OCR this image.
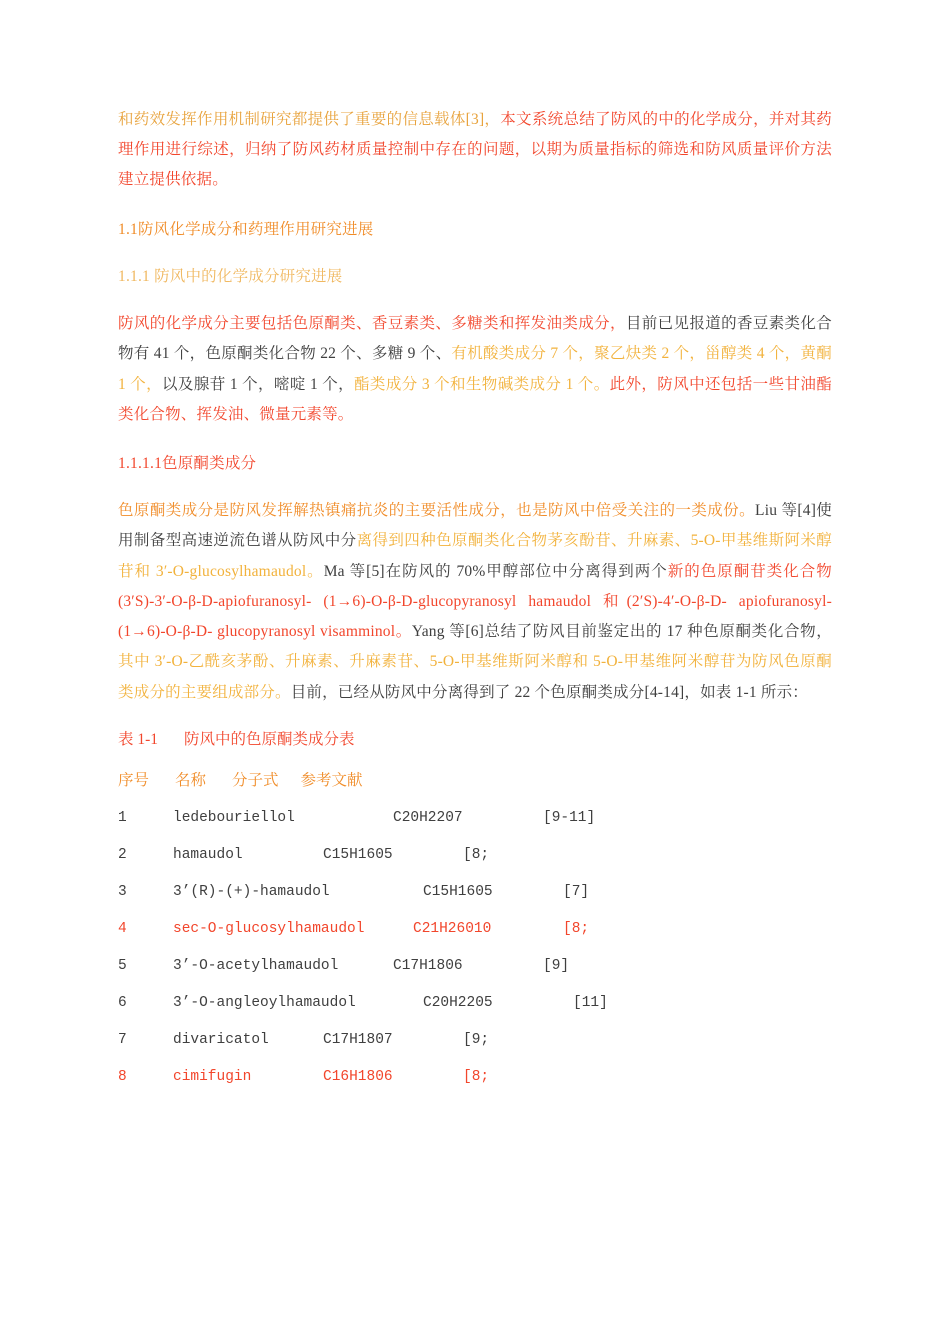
和药效发挥作用机制研究都提供了重要的信息载体[3]，本文系统总结了防风的中的化学成分，并对其药理作用进行综述，归纳了防风药材质量控制中存在的问题，以期为质量指标的筛选和防风质量评价方法建立提供依据。
1.1防风化学成分和药理作用研究进展
1.1.1 防风中的化学成分研究进展
防风的化学成分主要包括色原酮类、香豆素类、多糖类和挥发油类成分，目前已见报道的香豆素类化合物有 41 个，色原酮类化合物 22 个、多糖 9 个、有机酸类成分 7 个，聚乙炔类 2 个，甾醇类 4 个，黄酮 1 个，以及腺苷 1 个，嘧啶 1 个，酯类成分 3 个和生物碱类成分 1 个。此外，防风中还包括一些甘油酯类化合物、挥发油、微量元素等。
1.1.1.1色原酮类成分
色原酮类成分是防风发挥解热镇痛抗炎的主要活性成分，也是防风中倍受关注的一类成份。Liu 等[4]使用制备型高速逆流色谱从防风中分离得到四种色原酮类化合物茅亥酚苷、升麻素、5-O-甲基维斯阿米醇苷和 3′-O-glucosylhamaudol。Ma 等[5]在防风的 70%甲醇部位中分离得到两个新的色原酮苷类化合物(3′S)-3′-O-β-D-apiofuranosyl- (1→6)-O-β-D-glucopyranosyl hamaudol 和(2′S)-4′-O-β-D- apiofuranosyl-(1→6)-O-β-D- glucopyranosyl visamminol。Yang 等[6]总结了防风目前鉴定出的 17 种色原酮类化合物，其中 3′-O-乙酰亥茅酚、升麻素、升麻素苷、5-O-甲基维斯阿米醇和 5-O-甲基维阿米醇苷为防风色原酮类成分的主要组成部分。目前，已经从防风中分离得到了 22 个色原酮类成分[4-14]，如表 1-1 所示：
表 1-1 防风中的色原酮类成分表
序号 名称 分子式 参考文献
1	ledebouriellol	C20H2207	[9-11]
2	hamaudol	C15H1605	[8;
3	3’(R)-(+)-hamaudol	C15H1605	[7]
4	sec-O-glucosylhamaudol	C21H26010	[8;
5	3’-O-acetylhamaudol	C17H1806	[9]
6	3’-O-angleoylhamaudol	C20H2205	[11]
7	divaricatol	C17H1807	[9;
8	cimifugin	C16H1806	[8;
